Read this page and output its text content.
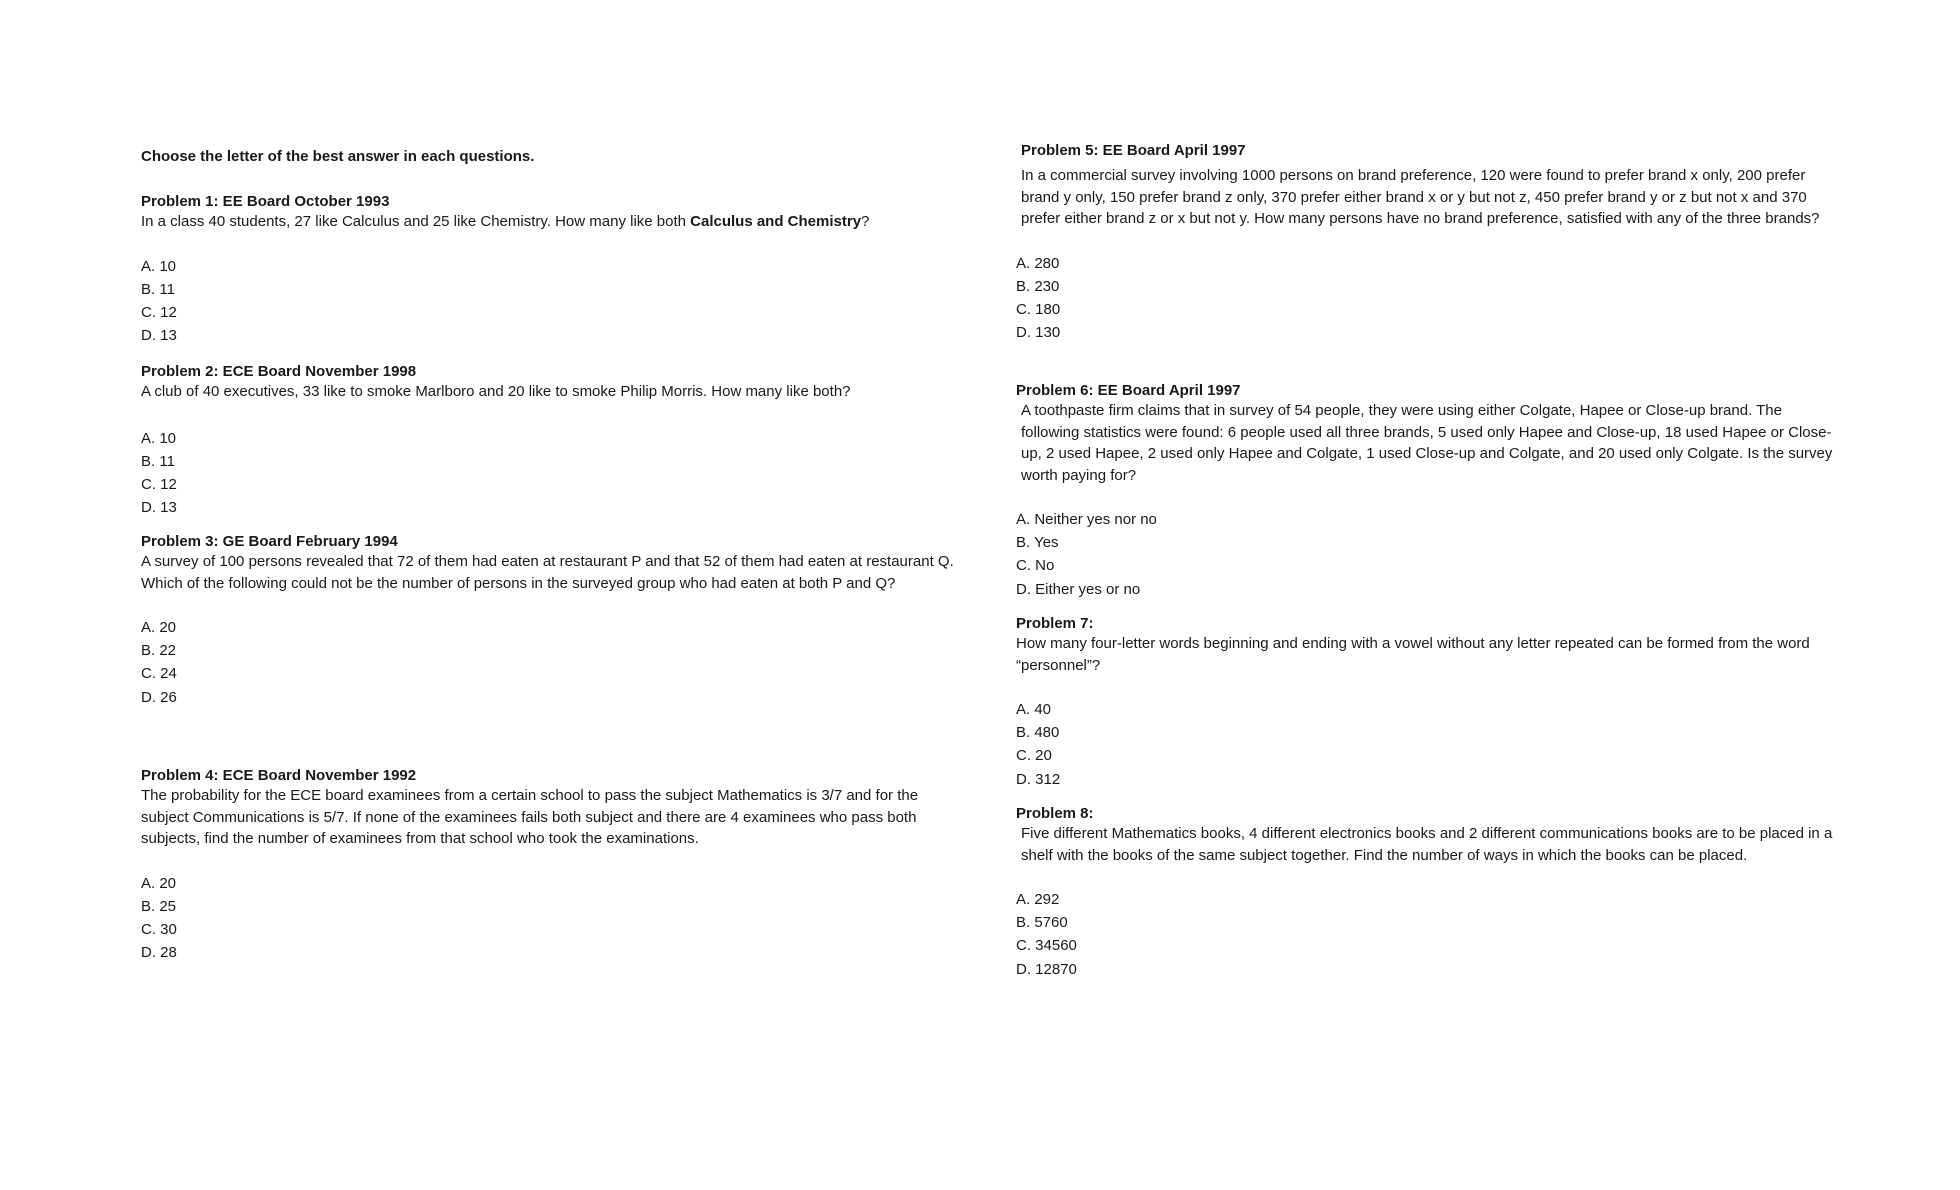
Choose the letter of the best answer in each questions.
Problem 1: EE Board October 1993
In a class 40 students, 27 like Calculus and 25 like Chemistry. How many like both Calculus and Chemistry?
A. 10
B. 11
C. 12
D. 13
Problem 2: ECE Board November 1998
A club of 40 executives, 33 like to smoke Marlboro and 20 like to smoke Philip Morris. How many like both?
A. 10
B. 11
C. 12
D. 13
Problem 3: GE Board February 1994
A survey of 100 persons revealed that 72 of them had eaten at restaurant P and that 52 of them had eaten at restaurant Q. Which of the following could not be the number of persons in the surveyed group who had eaten at both P and Q?
A. 20
B. 22
C. 24
D. 26
Problem 4: ECE Board November 1992
The probability for the ECE board examinees from a certain school to pass the subject Mathematics is 3/7 and for the subject Communications is 5/7. If none of the examinees fails both subject and there are 4 examinees who pass both subjects, find the number of examinees from that school who took the examinations.
A. 20
B. 25
C. 30
D. 28
Problem 5: EE Board April 1997
In a commercial survey involving 1000 persons on brand preference, 120 were found to prefer brand x only, 200 prefer brand y only, 150 prefer brand z only, 370 prefer either brand x or y but not z, 450 prefer brand y or z but not x and 370 prefer either brand z or x but not y. How many persons have no brand preference, satisfied with any of the three brands?
A. 280
B. 230
C. 180
D. 130
Problem 6: EE Board April 1997
A toothpaste firm claims that in survey of 54 people, they were using either Colgate, Hapee or Close-up brand. The following statistics were found: 6 people used all three brands, 5 used only Hapee and Close-up, 18 used Hapee or Close-up, 2 used Hapee, 2 used only Hapee and Colgate, 1 used Close-up and Colgate, and 20 used only Colgate. Is the survey worth paying for?
A. Neither yes nor no
B. Yes
C. No
D. Either yes or no
Problem 7:
How many four-letter words beginning and ending with a vowel without any letter repeated can be formed from the word “personnel”?
A. 40
B. 480
C. 20
D. 312
Problem 8:
Five different Mathematics books, 4 different electronics books and 2 different communications books are to be placed in a shelf with the books of the same subject together. Find the number of ways in which the books can be placed.
A. 292
B. 5760
C. 34560
D. 12870
